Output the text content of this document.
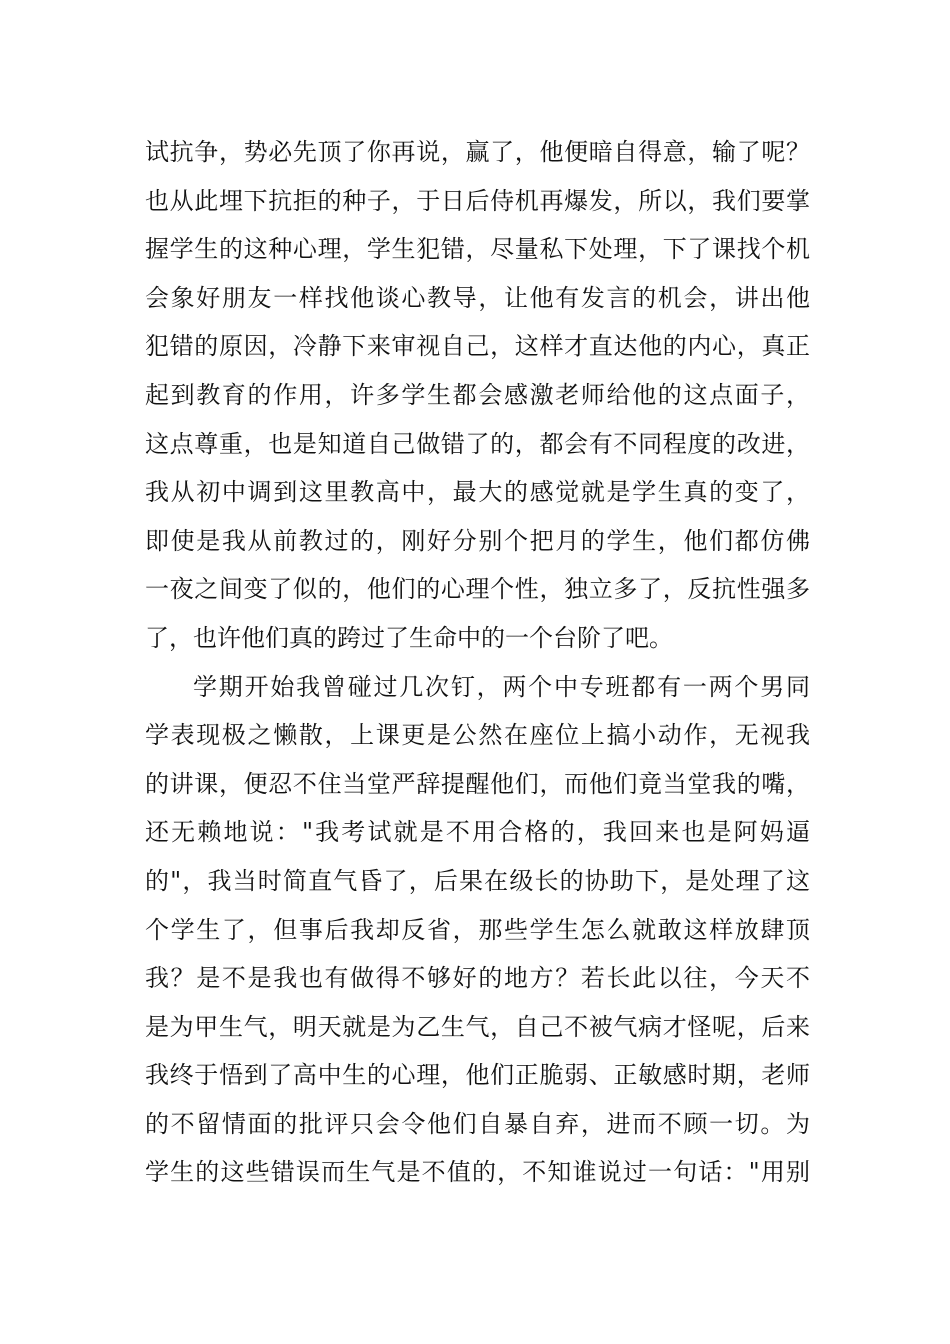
试抗争，势必先顶了你再说，赢了，他便暗自得意，输了呢？
也从此埋下抗拒的种子，于日后侍机再爆发，所以，我们要掌
握学生的这种心理，学生犯错，尽量私下处理，下了课找个机
会象好朋友一样找他谈心教导，让他有发言的机会，讲出他
犯错的原因，冷静下来审视自己，这样才直达他的内心，真正
起到教育的作用，许多学生都会感激老师给他的这点面子，
这点尊重，也是知道自己做错了的，都会有不同程度的改进，
我从初中调到这里教高中，最大的感觉就是学生真的变了，
即使是我从前教过的，刚好分别个把月的学生，他们都仿佛
一夜之间变了似的，他们的心理个性，独立多了，反抗性强多
了，也许他们真的跨过了生命中的一个台阶了吧。
学期开始我曾碰过几次钉，两个中专班都有一两个男同
学表现极之懒散，上课更是公然在座位上搞小动作，无视我
的讲课，便忍不住当堂严辞提醒他们，而他们竟当堂我的嘴，
还无赖地说："我考试就是不用合格的，我回来也是阿妈逼
的"，我当时简直气昏了，后果在级长的协助下，是处理了这
个学生了，但事后我却反省，那些学生怎么就敢这样放肆顶
我？是不是我也有做得不够好的地方？若长此以往，今天不
是为甲生气，明天就是为乙生气，自己不被气病才怪呢，后来
我终于悟到了高中生的心理，他们正脆弱、正敏感时期，老师
的不留情面的批评只会令他们自暴自弃，进而不顾一切。为
学生的这些错误而生气是不值的，不知谁说过一句话："用别
